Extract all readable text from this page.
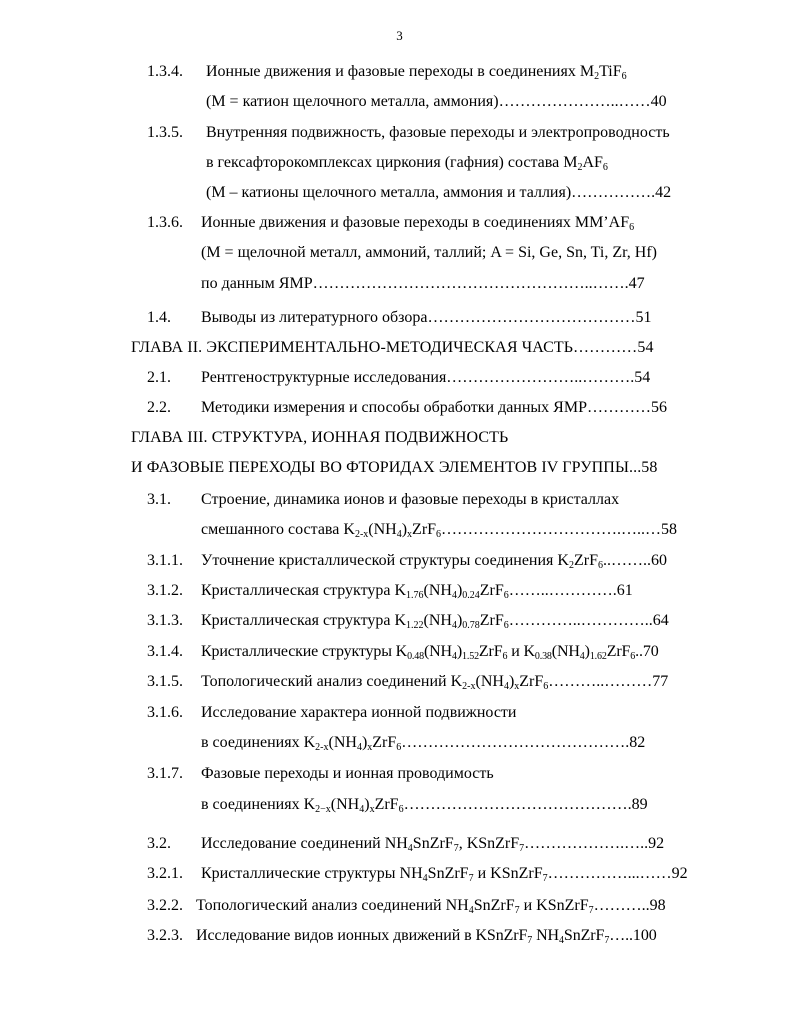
3
1.3.4. Ионные движения и фазовые переходы в соединениях $M_2TiF_6$
(M = катион щелочного металла, аммония)…………………..……40
1.3.5. Внутренняя подвижность, фазовые переходы и электропроводность
в гексафторокомплексах циркония (гафния) состава $M_2AF_6$
(M – катионы щелочного металла, аммония и таллия)…………….42
1.3.6. Ионные движения и фазовые переходы в соединениях $MM’AF_6$
(M = щелочной металл, аммоний, таллий; A = Si, Ge, Sn, Ti, Zr, Hf)
по данным ЯМР……………………………………………..…….47
1.4. Выводы из литературного обзора…………………………………51
ГЛАВА II. ЭКСПЕРИМЕНТАЛЬНО-МЕТОДИЧЕСКАЯ ЧАСТЬ…………54
2.1. Рентгеноструктурные исследования……………………..……….54
2.2. Методики измерения и способы обработки данных ЯМР…………56
ГЛАВА III. СТРУКТУРА, ИОННАЯ ПОДВИЖНОСТЬ
И ФАЗОВЫЕ ПЕРЕХОДЫ ВО ФТОРИДАХ ЭЛЕМЕНТОВ IV ГРУППЫ...58
3.1. Строение, динамика ионов и фазовые переходы в кристаллах
смешанного состава $K_{2-x}(NH_4)_xZrF_6\dots\dots\dots\dots\dots\dots\dots\dots\dots\dots\dots.\dots..\dots 58$
3.1.1. Уточнение кристаллической структуры соединения $K_2ZrF_6..\dots\dots..60$
3.1.2. Кристаллическая структура $K_{1.76}(NH_4)_{0.24}ZrF_6\dots\dots..\dots\dots\dots\dots.61$
3.1.3. Кристаллическая структура $K_{1.22}(NH_4)_{0.78}ZrF_6\dots\dots\dots\dots..\dots\dots\dots\dots..64$
3.1.4. Кристаллические структуры $K_{0.48}(NH_4)_{1.52}ZrF_6$ и $K_{0.38}(NH_4)_{1.62}ZrF_6..70$
3.1.5. Топологический анализ соединений $K_{2-x}(NH_4)_xZrF_6\dots\dots\dots..\dots\dots\dots 77$
3.1.6. Исследование характера ионной подвижности
в соединениях $K_{2-x}(NH_4)_xZrF_6\dots\dots\dots\dots\dots\dots\dots\dots\dots\dots\dots\dots\dots\dots.82$
3.1.7. Фазовые переходы и ионная проводимость
в соединениях $K_{2-x}(NH_4)_xZrF_6\dots\dots\dots\dots\dots\dots\dots\dots\dots\dots\dots\dots\dots\dots.89$
3.2. Исследование соединений $NH_4SnZrF_7$, KSnZrF$_7$……………….…..92
3.2.1. Кристаллические структуры $NH_4SnZrF_7$ и KSnZrF$_7$……………...……92
3.2.2. Топологический анализ соединений $NH_4SnZrF_7$ и KSnZrF$_7$………..98
3.2.3. Исследование видов ионных движений в KSnZrF$_7$ $NH_4SnZrF_7\dots..100$
